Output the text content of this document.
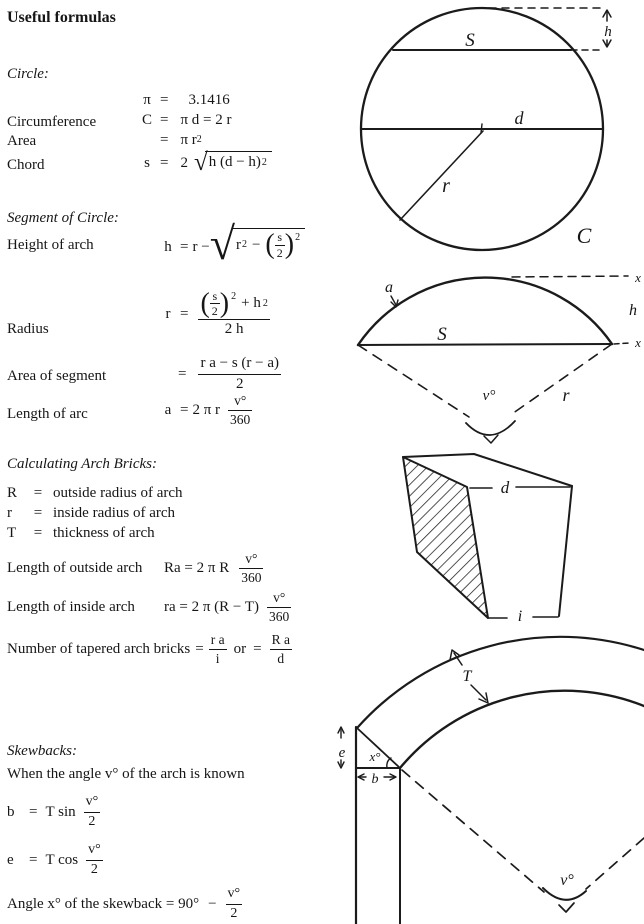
Useful formulas
Circle:
π = 3.1416
Circumference	C = π d = 2 r
Area	= π r 2
Chord	s = 2 √ h (d − h) 2
Segment of Circle:
Height of arch	h = r − √ r 2 − ( $\frac{s}{2}$ ) 2
Radius
r = ( $\frac{s}{2}$ ) 2 + h 2
2 h
Area of segment	= $\frac{\text{r a − s (r − a)}}{2}$
Length of arc	a = 2 π r $\frac{v^\circ}{360}$
Calculating Arch Bricks:
R	= outside radius of arch
r	= inside radius of arch
T	= thickness of arch
Length of outside arch	Ra = 2 π R $\frac{v^\circ}{360}$
Length of inside arch	ra = 2 π $(R - T) \frac{v^\circ}{360}$
Number of tapered arch bricks = $\frac{\text{r a}}{i}$ or = $\frac{\text{R a}}{d}$
Skewbacks:
When the angle v° of the arch is known
b = T $\sin \frac{v^\circ}{2}$
e	= T $\cos \frac{v^\circ}{2}$
Angle x° of the skewback = $90^\circ - \frac{v^\circ}{2}$
h
d
r
C
S
a
S
x
h
x
v°	r
d
i
T
e
b
x°
v°
